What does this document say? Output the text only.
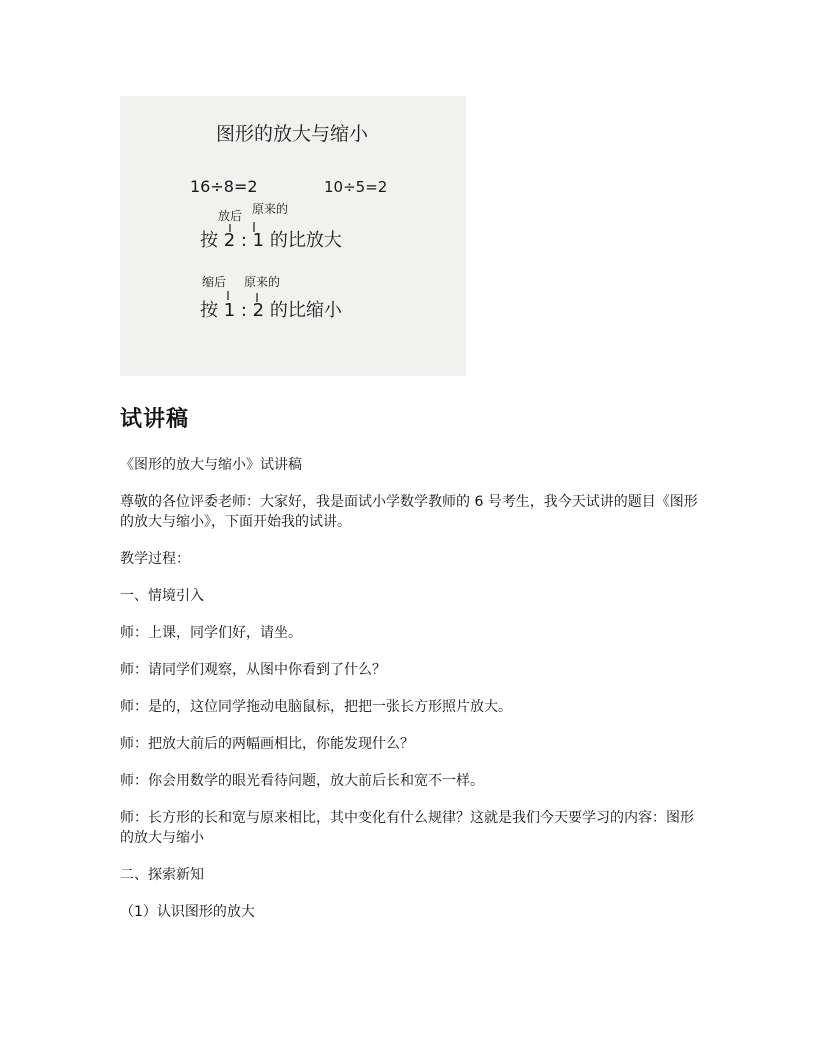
图形的放大与缩小
16÷8=2	10÷5=2
放后 原来的
按 2 : 1 的比放大
缩后 原来的
按 1 : 2 的比缩小
试讲稿

《图形的放大与缩小》试讲稿

尊敬的各位评委老师：大家好，我是面试小学数学教师的 6 号考生，我今天试讲的题目《图形的放大与缩小》，下面开始我的试讲。

教学过程：

一、情境引入

师：上课，同学们好，请坐。

师：请同学们观察，从图中你看到了什么？

师：是的，这位同学拖动电脑鼠标，把把一张长方形照片放大。

师：把放大前后的两幅画相比，你能发现什么？

师：你会用数学的眼光看待问题，放大前后长和宽不一样。

师：长方形的长和宽与原来相比，其中变化有什么规律？这就是我们今天要学习的内容：图形的放大与缩小

二、探索新知

（1）认识图形的放大
